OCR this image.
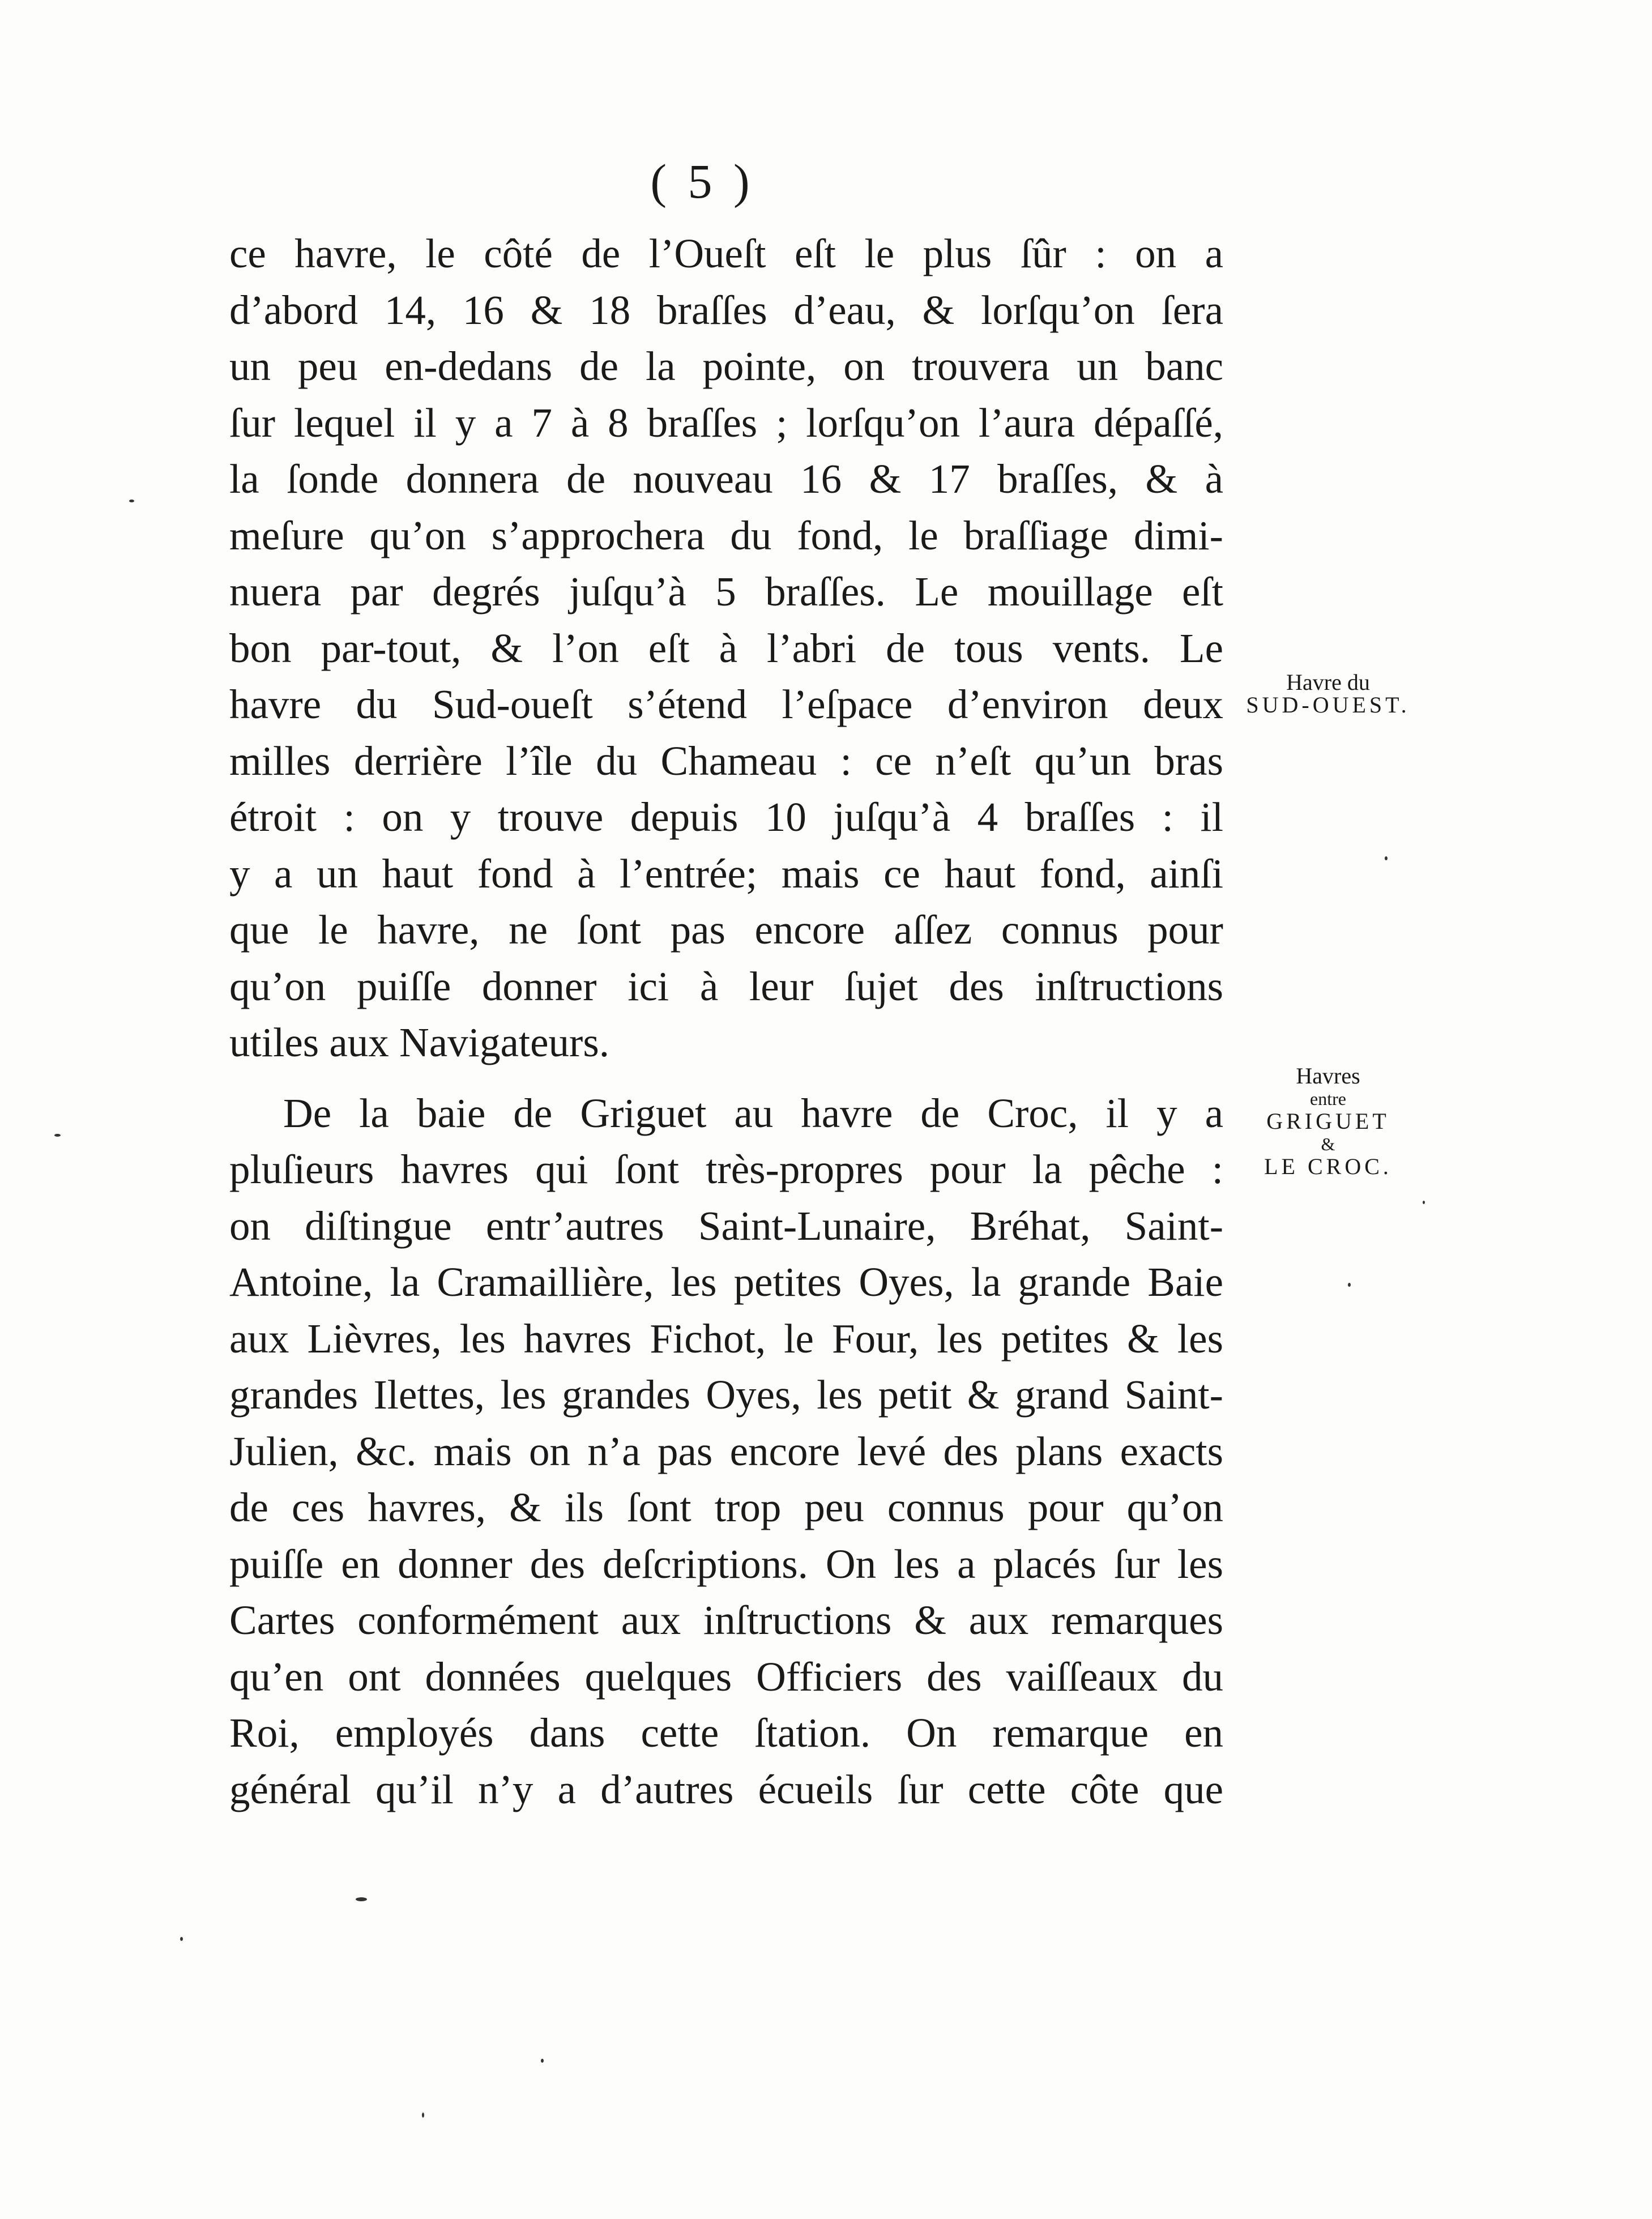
( 5 )
ce havre, le côté de l’Oueſt eſt le plus ſûr : on a
d’abord 14, 16 & 18 braſſes d’eau, & lorſqu’on ſera
un peu en-dedans de la pointe, on trouvera un banc
ſur lequel il y a 7 à 8 braſſes ; lorſqu’on l’aura dépaſſé,
la ſonde donnera de nouveau 16 & 17 braſſes, & à
meſure qu’on s’approchera du fond, le braſſiage dimi-
nuera par degrés juſqu’à 5 braſſes. Le mouillage eſt
bon par-tout, & l’on eſt à l’abri de tous vents. Le
havre du Sud-oueſt s’étend l’eſpace d’environ deux
milles derrière l’île du Chameau : ce n’eſt qu’un bras
étroit : on y trouve depuis 10 juſqu’à 4 braſſes : il
y a un haut fond à l’entrée; mais ce haut fond, ainſi
que le havre, ne ſont pas encore aſſez connus pour
qu’on puiſſe donner ici à leur ſujet des inſtructions
utiles aux Navigateurs.
De la baie de Griguet au havre de Croc, il y a
pluſieurs havres qui ſont très-propres pour la pêche :
on diſtingue entr’autres Saint-Lunaire, Bréhat, Saint-
Antoine, la Cramaillière, les petites Oyes, la grande Baie
aux Lièvres, les havres Fichot, le Four, les petites & les
grandes Ilettes, les grandes Oyes, les petit & grand Saint-
Julien, &c. mais on n’a pas encore levé des plans exacts
de ces havres, & ils ſont trop peu connus pour qu’on
puiſſe en donner des deſcriptions. On les a placés ſur les
Cartes conformément aux inſtructions & aux remarques
qu’en ont données quelques Officiers des vaiſſeaux du
Roi, employés dans cette ſtation. On remarque en
général qu’il n’y a d’autres écueils ſur cette côte que
Havre du
SUD-OUEST.
Havres
entre
GRIGUET
&
LE CROC.
